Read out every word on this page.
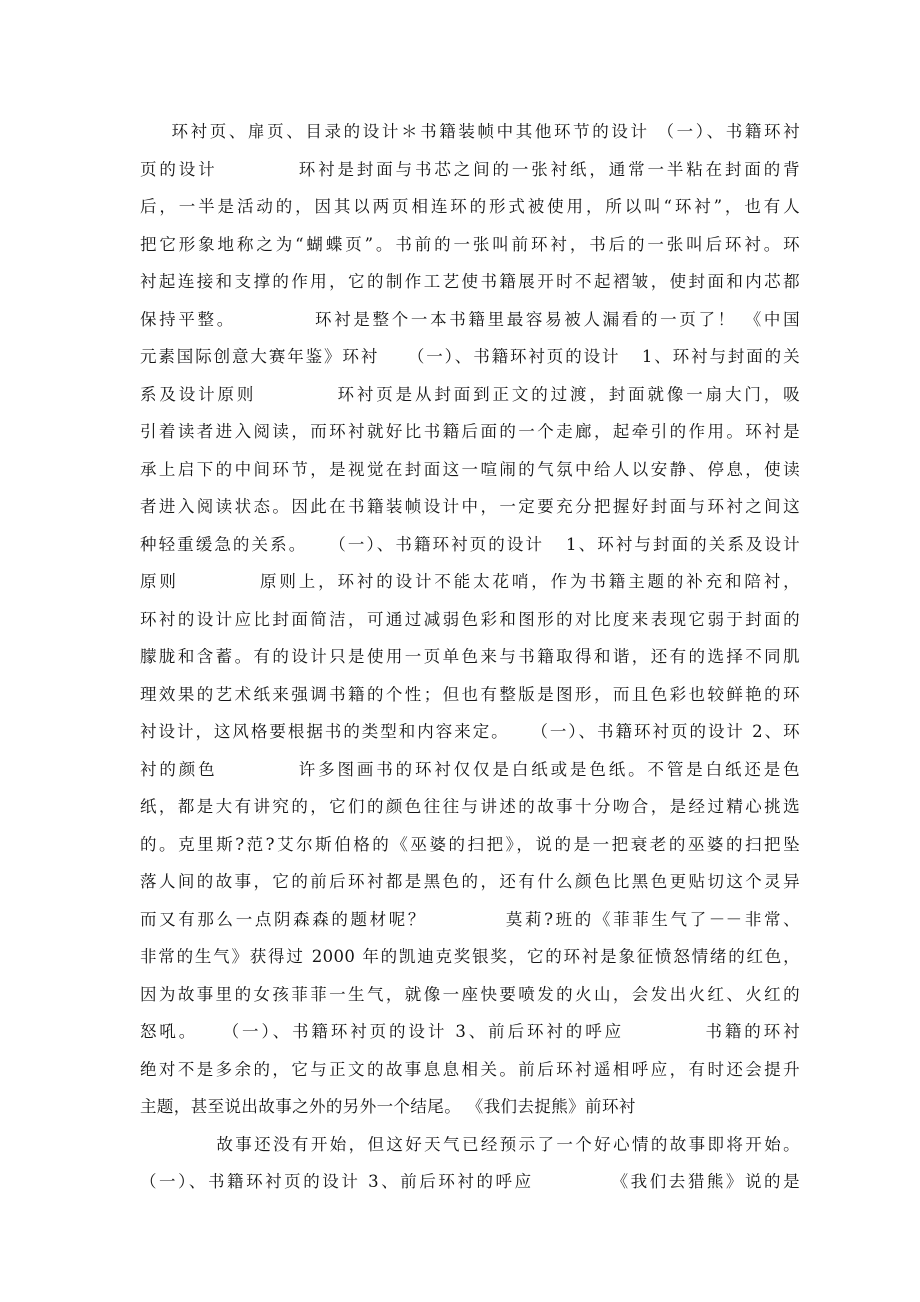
环衬页、扉页、目录的设计＊书籍装帧中其他环节的设计 （一）、书籍环衬
页的设计          环衬是封面与书芯之间的一张衬纸，通常一半粘在封面的背
后，一半是活动的，因其以两页相连环的形式被使用，所以叫“环衬”，也有人
把它形象地称之为“蝴蝶页”。书前的一张叫前环衬，书后的一张叫后环衬。环
衬起连接和支撑的作用，它的制作工艺使书籍展开时不起褶皱，使封面和内芯都
保持平整。          环衬是整个一本书籍里最容易被人漏看的一页了！ 《中国
元素国际创意大赛年鉴》环衬    （一）、书籍环衬页的设计   1、环衬与封面的关
系及设计原则          环衬页是从封面到正文的过渡，封面就像一扇大门，吸
引着读者进入阅读，而环衬就好比书籍后面的一个走廊，起牵引的作用。环衬是
承上启下的中间环节，是视觉在封面这一喧闹的气氛中给人以安静、停息，使读
者进入阅读状态。因此在书籍装帧设计中，一定要充分把握好封面与环衬之间这
种轻重缓急的关系。   （一）、书籍环衬页的设计   1、环衬与封面的关系及设计
原则          原则上，环衬的设计不能太花哨，作为书籍主题的补充和陪衬，
环衬的设计应比封面简洁，可通过减弱色彩和图形的对比度来表现它弱于封面的
朦胧和含蓄。有的设计只是使用一页单色来与书籍取得和谐，还有的选择不同肌
理效果的艺术纸来强调书籍的个性；但也有整版是图形，而且色彩也较鲜艳的环
衬设计，这风格要根据书的类型和内容来定。   （一）、书籍环衬页的设计 2、环
衬的颜色          许多图画书的环衬仅仅是白纸或是色纸。不管是白纸还是色
纸，都是大有讲究的，它们的颜色往往与讲述的故事十分吻合，是经过精心挑选
的。克里斯?范?艾尔斯伯格的《巫婆的扫把》，说的是一把衰老的巫婆的扫把坠
落人间的故事，它的前后环衬都是黑色的，还有什么颜色比黑色更贴切这个灵异
而又有那么一点阴森森的题材呢？          莫莉?班的《菲菲生气了－－非常、
非常的生气》获得过 2000 年的凯迪克奖银奖，它的环衬是象征愤怒情绪的红色，
因为故事里的女孩菲菲一生气，就像一座快要喷发的火山，会发出火红、火红的
怒吼。   （一）、书籍环衬页的设计 3、前后环衬的呼应          书籍的环衬
绝对不是多余的，它与正文的故事息息相关。前后环衬遥相呼应，有时还会提升
主题，甚至说出故事之外的另外一个结尾。 《我们去捉熊》前环衬
故事还没有开始，但这好天气已经预示了一个好心情的故事即将开始。
（一）、书籍环衬页的设计 3、前后环衬的呼应          《我们去猎熊》说的是
